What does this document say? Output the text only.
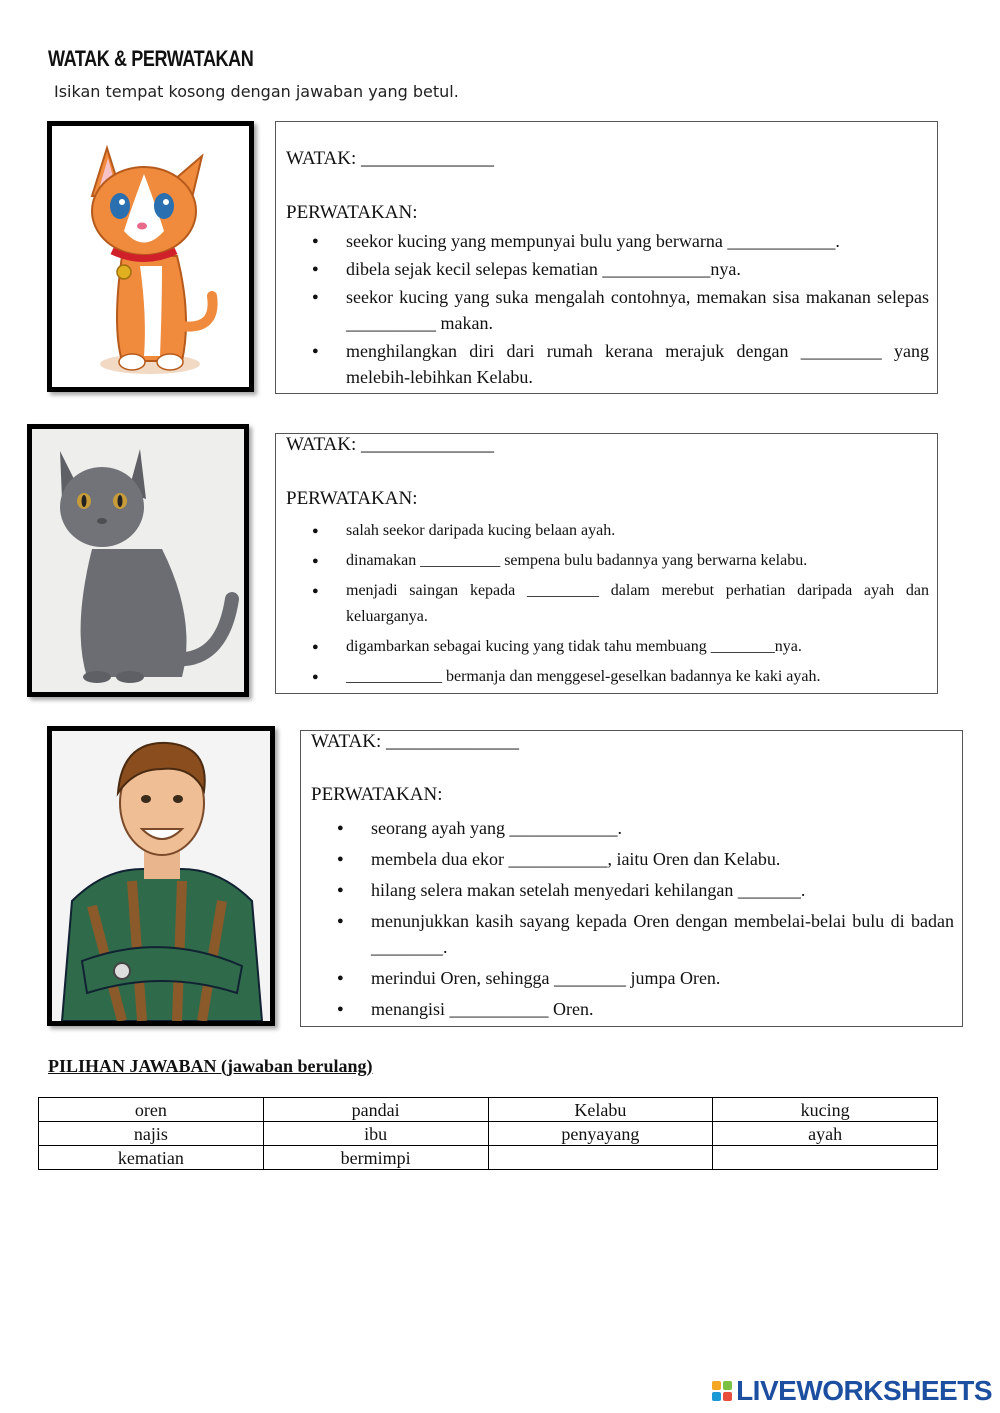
WATAK & PERWATAKAN
Isikan tempat kosong dengan jawaban yang betul.
WATAK: ______________
PERWATAKAN:
● seekor kucing yang mempunyai bulu yang berwarna ____________.
● dibela sejak kecil selepas kematian ____________nya.
● seekor kucing yang suka mengalah contohnya, memakan sisa makanan selepas __________ makan.
● menghilangkan diri dari rumah kerana merajuk dengan _________ yang melebih-lebihkan Kelabu.
WATAK: ______________
PERWATAKAN:
● salah seekor daripada kucing belaan ayah.
● dinamakan __________ sempena bulu badannya yang berwarna kelabu.
● menjadi saingan kepada _________ dalam merebut perhatian daripada ayah dan keluarganya.
● digambarkan sebagai kucing yang tidak tahu membuang ________nya.
● ____________ bermanja dan menggesel-geselkan badannya ke kaki ayah.
WATAK: ______________
PERWATAKAN:
● seorang ayah yang ____________.
● membela dua ekor ___________, iaitu Oren dan Kelabu.
● hilang selera makan setelah menyedari kehilangan _______.
● menunjukkan kasih sayang kepada Oren dengan membelai-belai bulu di badan ________.
● merindui Oren, sehingga ________ jumpa Oren.
● menangisi ___________ Oren.
PILIHAN JAWABAN (jawaban berulang)
oren	pandai	Kelabu	kucing
najis	ibu	penyayang	ayah
kematian	bermimpi		
LIVEWORKSHEETS
